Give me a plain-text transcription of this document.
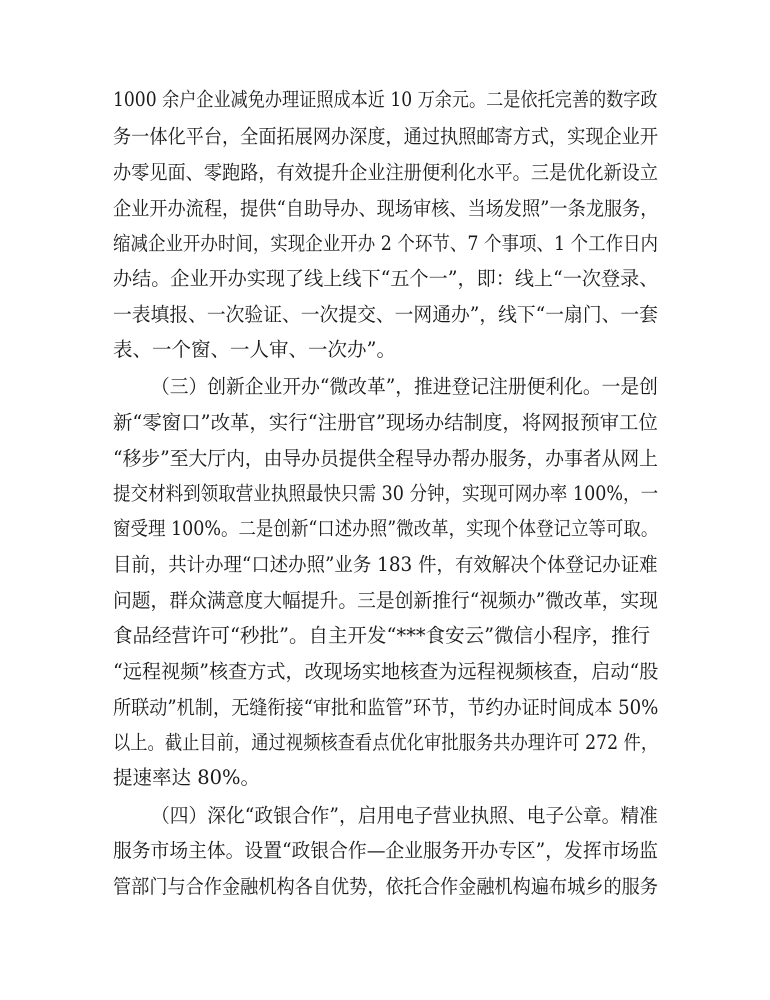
1000 余户企业减免办理证照成本近 10 万余元。二是依托完善的数字政
务一体化平台，全面拓展网办深度，通过执照邮寄方式，实现企业开
办零见面、零跑路，有效提升企业注册便利化水平。三是优化新设立
企业开办流程，提供“自助导办、现场审核、当场发照”一条龙服务，
缩减企业开办时间，实现企业开办 2 个环节、7 个事项、1 个工作日内
办结。企业开办实现了线上线下“五个一”，即：线上“一次登录、
一表填报、一次验证、一次提交、一网通办”，线下“一扇门、一套
表、一个窗、一人审、一次办”。
（三）创新企业开办“微改革”，推进登记注册便利化。一是创
新“零窗口”改革，实行“注册官”现场办结制度，将网报预审工位
“移步”至大厅内，由导办员提供全程导办帮办服务，办事者从网上
提交材料到领取营业执照最快只需 30 分钟，实现可网办率 100%，一
窗受理 100%。二是创新“口述办照”微改革，实现个体登记立等可取。
目前，共计办理“口述办照”业务 183 件，有效解决个体登记办证难
问题，群众满意度大幅提升。三是创新推行“视频办”微改革，实现
食品经营许可“秒批”。自主开发“***食安云”微信小程序，推行
“远程视频”核查方式，改现场实地核查为远程视频核查，启动“股
所联动”机制，无缝衔接“审批和监管”环节，节约办证时间成本 50%
以上。截止目前，通过视频核查看点优化审批服务共办理许可 272 件，
提速率达 80%。
（四）深化“政银合作”，启用电子营业执照、电子公章。精准
服务市场主体。设置“政银合作—企业服务开办专区”，发挥市场监
管部门与合作金融机构各自优势，依托合作金融机构遍布城乡的服务
